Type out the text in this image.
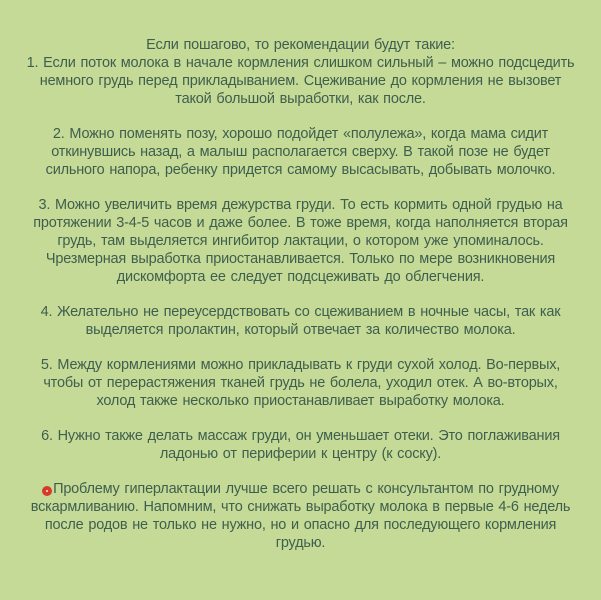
Если пошагово, то рекомендации будут такие:

1. Если поток молока в начале кормления слишком сильный – можно подсцедить немного грудь перед прикладыванием. Сцеживание до кормления не вызовет такой большой выработки, как после.

2. Можно поменять позу, хорошо подойдет «полулежа», когда мама сидит откинувшись назад, а малыш располагается сверху. В такой позе не будет сильного напора, ребенку придется самому высасывать, добывать молочко.

3. Можно увеличить время дежурства груди. То есть кормить одной грудью на протяжении 3-4-5 часов и даже более. В тоже время, когда наполняется вторая грудь, там выделяется ингибитор лактации, о котором уже упоминалось. Чрезмерная выработка приостанавливается. Только по мере возникновения дискомфорта ее следует подсцеживать до облегчения.

4. Желательно не переусердствовать со сцеживанием в ночные часы, так как выделяется пролактин, который отвечает за количество молока.

5. Между кормлениями можно прикладывать к груди сухой холод. Во-первых, чтобы от перерастяжения тканей грудь не болела, уходил отек. А во-вторых, холод также несколько приостанавливает выработку молока.

6. Нужно также делать массаж груди, он уменьшает отеки. Это поглаживания ладонью от периферии к центру (к соску).

Проблему гиперлактации лучше всего решать с консультантом по грудному вскармливанию. Напомним, что снижать выработку молока в первые 4-6 недель после родов не только не нужно, но и опасно для последующего кормления грудью.
